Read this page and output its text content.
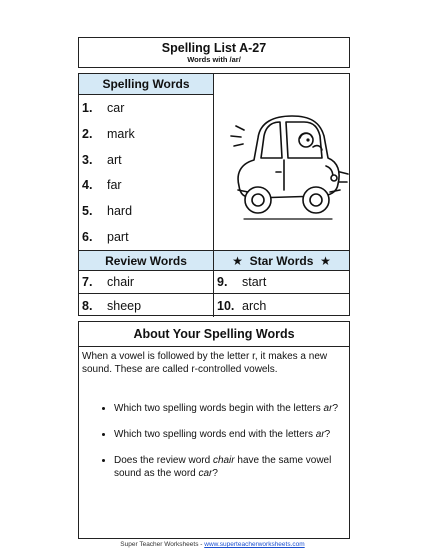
Spelling List A-27
Words with /ar/
Spelling Words
1.	car
2.	mark
3.	art
4.	far
5.	hard
6.	part
Review Words	★ Star Words ★
7.	chair	9.	start
8.	sheep	10. arch
About Your Spelling Words
When a vowel is followed by the letter r, it makes a new sound. These are called r-controlled vowels.
• Which two spelling words begin with the letters ar?
• Which two spelling words end with the letters ar?
• Does the review word chair have the same vowel sound as the word car?
Super Teacher Worksheets - www.superteacherworksheets.com
